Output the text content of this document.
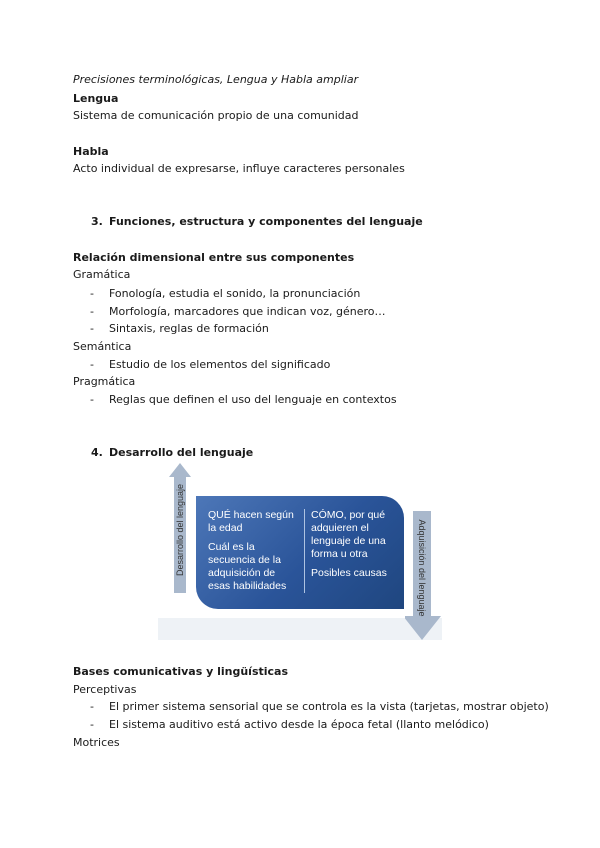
Precisiones terminológicas, Lengua y Habla ampliar
Lengua
Sistema de comunicación propio de una comunidad
Habla
Acto individual de expresarse, influye caracteres personales
3. Funciones, estructura y componentes del lenguaje
Relación dimensional entre sus componentes
Gramática
- Fonología, estudia el sonido, la pronunciación
- Morfología, marcadores que indican voz, género…
- Sintaxis, reglas de formación
Semántica
- Estudio de los elementos del significado
Pragmática
- Reglas que definen el uso del lenguaje en contextos
4. Desarrollo del lenguaje
Desarrollo del lenguaje	Adquisición del lenguaje
QUÉ hacen según la edad
Cuál es la secuencia de la adquisición de esas habilidades
CÓMO, por qué adquieren el lenguaje de una forma u otra
Posibles causas
Bases comunicativas y lingüísticas
Perceptivas
- El primer sistema sensorial que se controla es la vista (tarjetas, mostrar objeto)
- El sistema auditivo está activo desde la época fetal (llanto melódico)
Motrices
